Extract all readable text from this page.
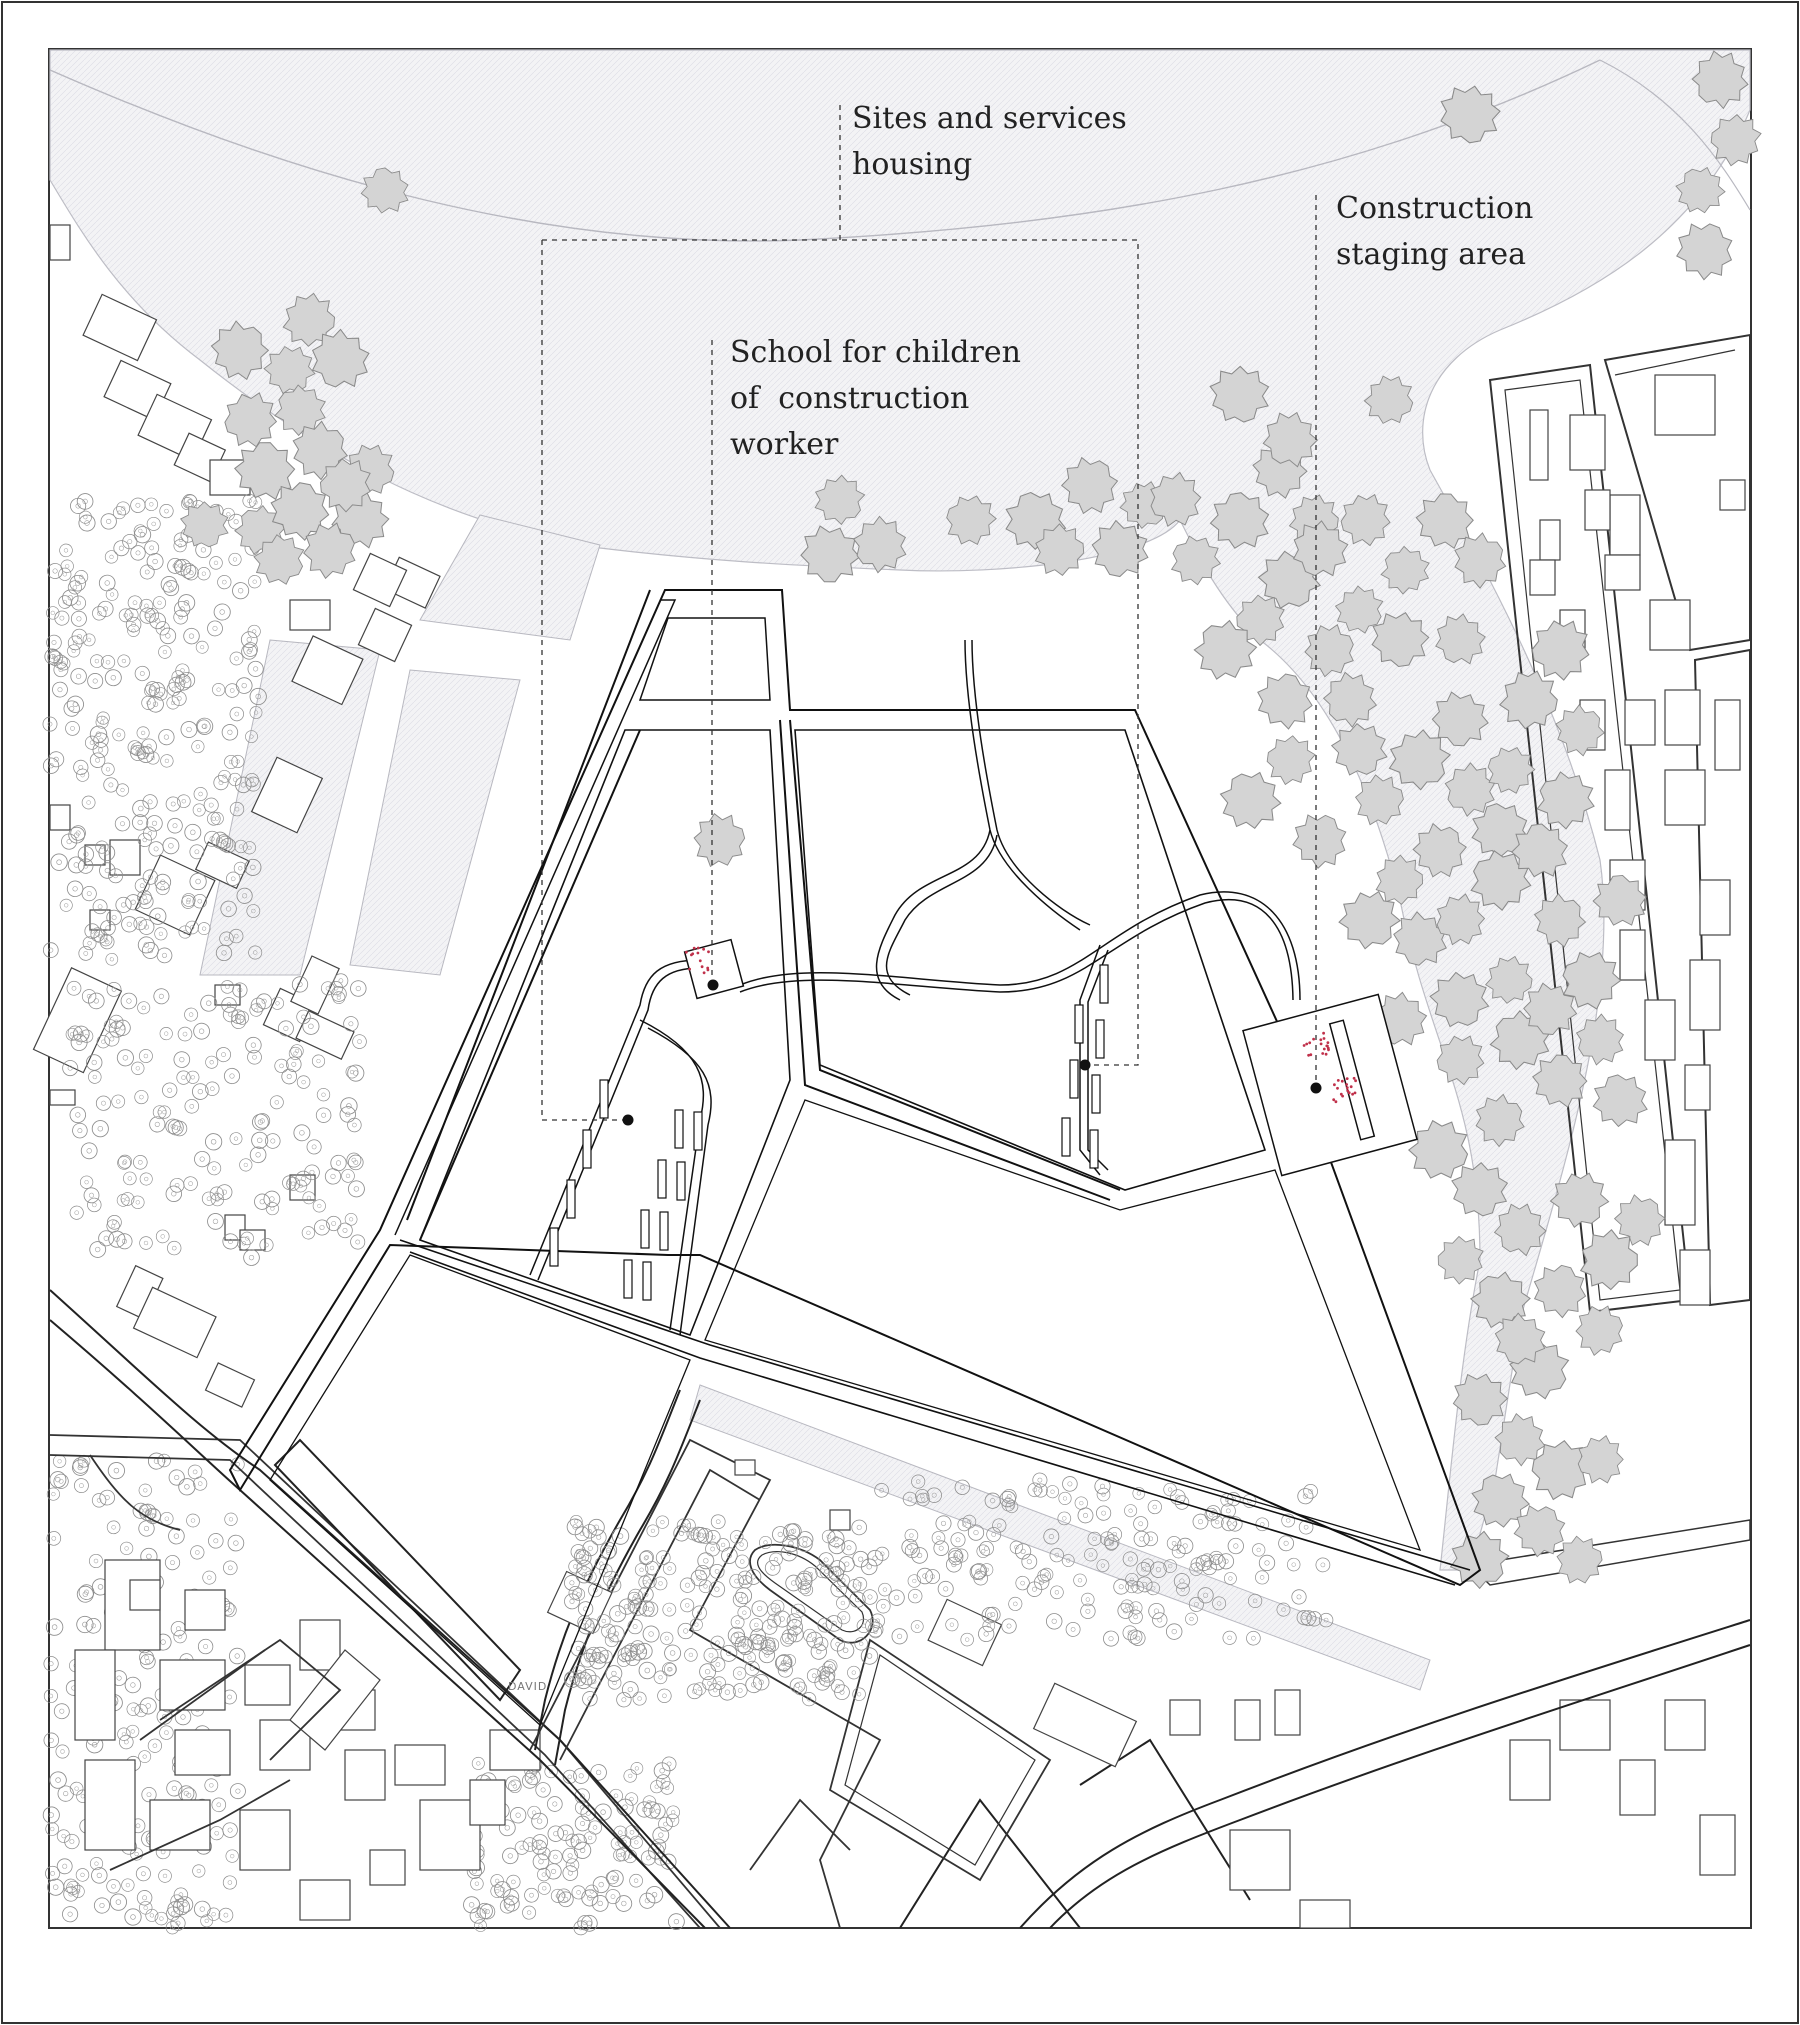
Sites and services
housing
Construction
staging area
School for children
of  construction
worker
DAVID
